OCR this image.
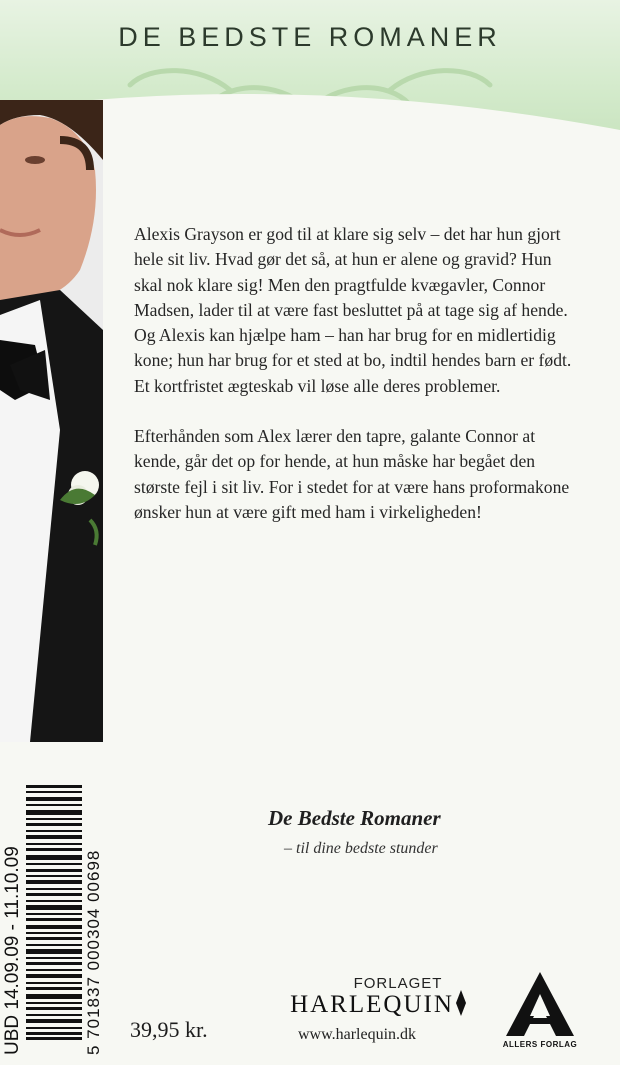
DE BEDSTE ROMANER

Alexis Grayson er god til at klare sig selv – det har hun gjort hele sit liv. Hvad gør det så, at hun er alene og gravid? Hun skal nok klare sig! Men den pragtfulde kvægavler, Connor Madsen, lader til at være fast besluttet på at tage sig af hende. Og Alexis kan hjælpe ham – han har brug for en midlertidig kone; hun har brug for et sted at bo, indtil hendes barn er født. Et kortfristet ægteskab vil løse alle deres problemer.

Efterhånden som Alex lærer den tapre, galante Connor at kende, går det op for hende, at hun måske har begået den største fejl i sit liv. For i stedet for at være hans proformakone ønsker hun at være gift med ham i virkeligheden!

De Bedste Romaner
– til dine bedste stunder
UBD 14.09.09 - 11.10.09	5 701837 000304 00698 39,95 kr.
FORLAGET
HARLEQUIN
www.harlequin.dk
ALLERS FORLAG
